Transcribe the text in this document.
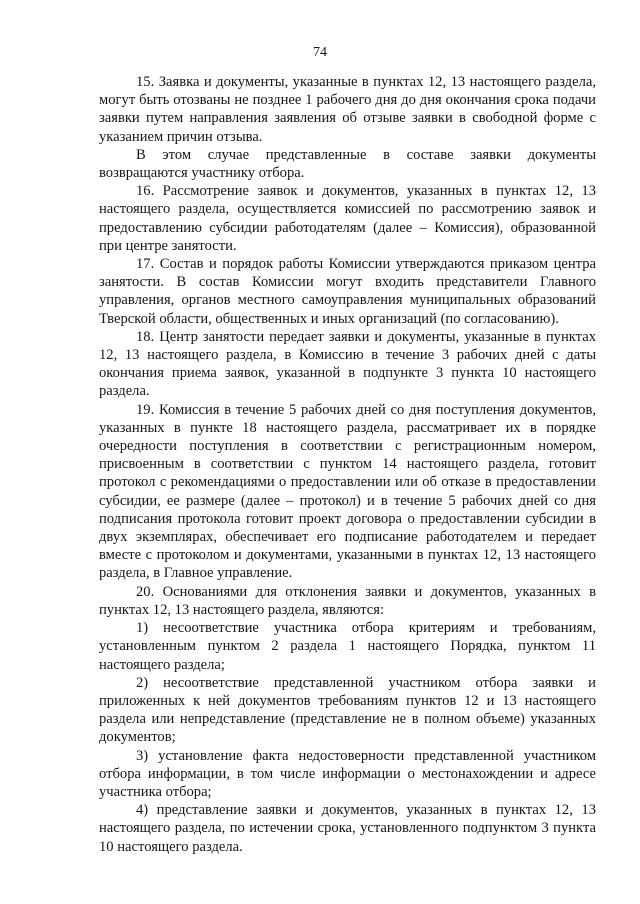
74

15. Заявка и документы, указанные в пунктах 12, 13 настоящего раздела, могут быть отозваны не позднее 1 рабочего дня до дня окончания срока подачи заявки путем направления заявления об отзыве заявки в свободной форме с указанием причин отзыва.

В этом случае представленные в составе заявки документы возвращаются участнику отбора.

16. Рассмотрение заявок и документов, указанных в пунктах 12, 13 настоящего раздела, осуществляется комиссией по рассмотрению заявок и предоставлению субсидии работодателям (далее – Комиссия), образованной при центре занятости.

17. Состав и порядок работы Комиссии утверждаются приказом центра занятости. В состав Комиссии могут входить представители Главного управления, органов местного самоуправления муниципальных образований Тверской области, общественных и иных организаций (по согласованию).

18. Центр занятости передает заявки и документы, указанные в пунктах 12, 13 настоящего раздела, в Комиссию в течение 3 рабочих дней с даты окончания приема заявок, указанной в подпункте 3 пункта 10 настоящего раздела.

19. Комиссия в течение 5 рабочих дней со дня поступления документов, указанных в пункте 18 настоящего раздела, рассматривает их в порядке очередности поступления в соответствии с регистрационным номером, присвоенным в соответствии с пунктом 14 настоящего раздела, готовит протокол с рекомендациями о предоставлении или об отказе в предоставлении субсидии, ее размере (далее – протокол) и в течение 5 рабочих дней со дня подписания протокола готовит проект договора о предоставлении субсидии в двух экземплярах, обеспечивает его подписание работодателем и передает вместе с протоколом и документами, указанными в пунктах 12, 13 настоящего раздела, в Главное управление.

20. Основаниями для отклонения заявки и документов, указанных в пунктах 12, 13 настоящего раздела, являются:

1) несоответствие участника отбора критериям и требованиям, установленным пунктом 2 раздела 1 настоящего Порядка, пунктом 11 настоящего раздела;

2) несоответствие представленной участником отбора заявки и приложенных к ней документов требованиям пунктов 12 и 13 настоящего раздела или непредставление (представление не в полном объеме) указанных документов;

3) установление факта недостоверности представленной участником отбора информации, в том числе информации о местонахождении и адресе участника отбора;

4) представление заявки и документов, указанных в пунктах 12, 13 настоящего раздела, по истечении срока, установленного подпунктом 3 пункта 10 настоящего раздела.
